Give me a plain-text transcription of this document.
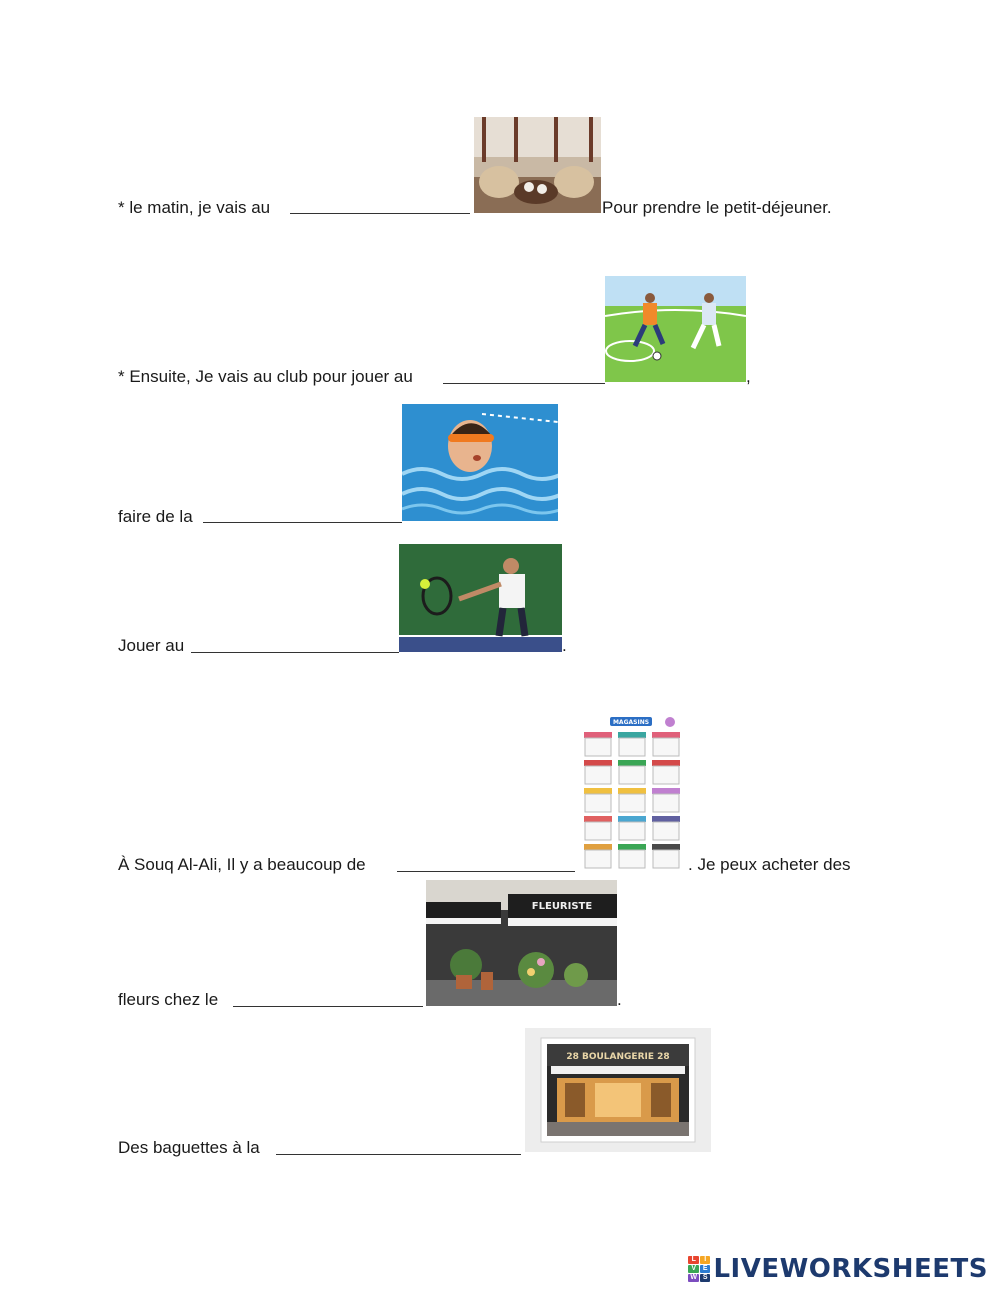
* le matin, je vais au	Pour prendre le petit-déjeuner.
* Ensuite, Je vais au club pour jouer au	,
faire de la
Jouer au	.
MAGASINS
À Souq Al-Ali, Il y a beaucoup de	. Je peux acheter des
FLEURISTE
fleurs chez le	.
28 BOULANGERIE 28
Des baguettes à la
L	I
V E
W S LIVEWORKSHEETS
